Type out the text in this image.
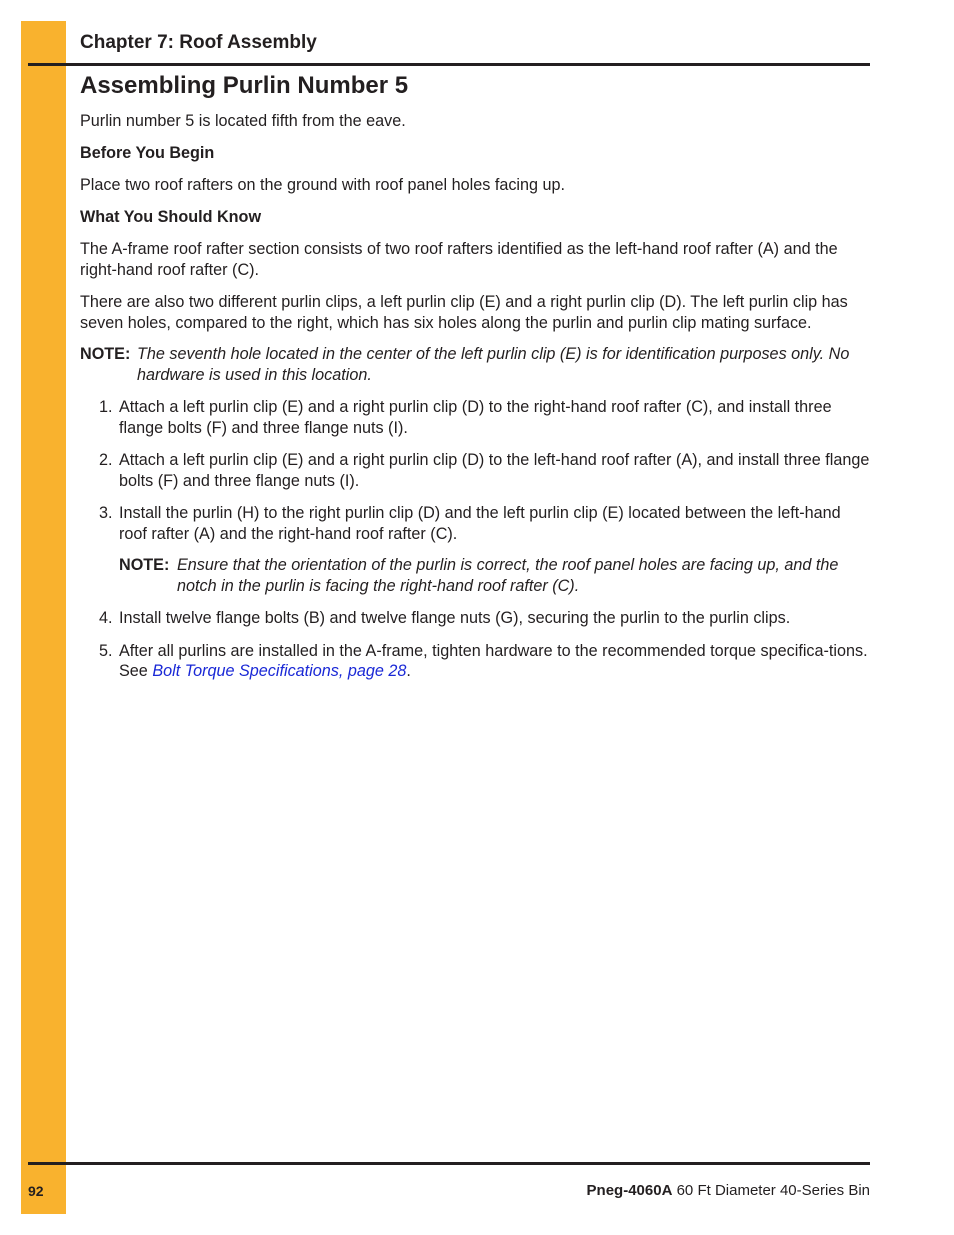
Chapter 7: Roof Assembly
Assembling Purlin Number 5

Purlin number 5 is located fifth from the eave.

Before You Begin

Place two roof rafters on the ground with roof panel holes facing up.

What You Should Know

The A-frame roof rafter section consists of two roof rafters identified as the left-hand roof rafter (A) and the right-hand roof rafter (C).

There are also two different purlin clips, a left purlin clip (E) and a right purlin clip (D). The left purlin clip has seven holes, compared to the right, which has six holes along the purlin and purlin clip mating surface.

NOTE: The seventh hole located in the center of the left purlin clip (E) is for identification purposes only. No hardware is used in this location.
1. Attach a left purlin clip (E) and a right purlin clip (D) to the right-hand roof rafter (C), and install three flange bolts (F) and three flange nuts (I).
2. Attach a left purlin clip (E) and a right purlin clip (D) to the left-hand roof rafter (A), and install three flange bolts (F) and three flange nuts (I).
3. Install the purlin (H) to the right purlin clip (D) and the left purlin clip (E) located between the left-hand roof rafter (A) and the right-hand roof rafter (C).
NOTE: Ensure that the orientation of the purlin is correct, the roof panel holes are facing up, and the notch in the purlin is facing the right-hand roof rafter (C).
4. Install twelve flange bolts (B) and twelve flange nuts (G), securing the purlin to the purlin clips.
5. After all purlins are installed in the A-frame, tighten hardware to the recommended torque specifica-tions. See Bolt Torque Specifications, page 28.
92	Pneg-4060A 60 Ft Diameter 40-Series Bin
